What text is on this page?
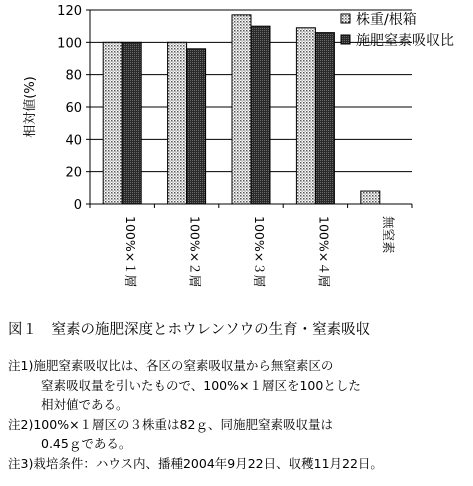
0
20
40
60
80
100
120
100%×１層	100%×２層	100%×３層	100%×４層	無窒素
相対値(%)
株重/根箱
施肥窒素吸収比
図１　窒素の施肥深度とホウレンソウの生育・窒素吸収
注1)施肥窒素吸収比は、各区の窒素吸収量から無窒素区の
窒素吸収量を引いたもので、100%×１層区を100とした
相対値である。
注2)100%×１層区の３株重は82ｇ、同施肥窒素吸収量は
0.45ｇである。
注3)栽培条件：ハウス内、播種2004年9月22日、収穫11月22日。
